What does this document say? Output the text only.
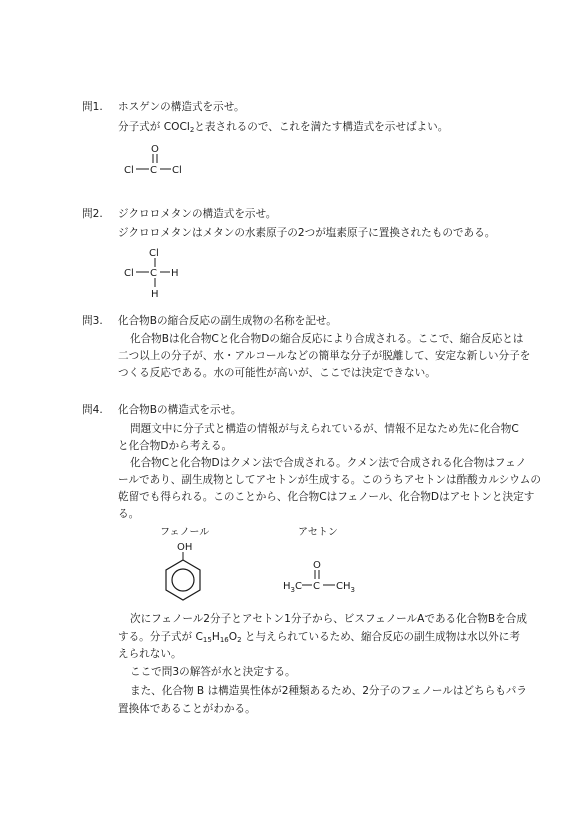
問1. ホスゲンの構造式を示せ。
分子式が COCl$_2$と表されるので、これを満たす構造式を示せばよい。
O
Cl C Cl
問2. ジクロロメタンの構造式を示せ。
ジクロロメタンはメタンの水素原子の2つが塩素原子に置換されたものである。
Cl
Cl C H
H
問3. 化合物Bの縮合反応の副生成物の名称を記せ。
化合物Bは化合物Cと化合物Dの縮合反応により合成される。ここで、縮合反応とは
二つ以上の分子が、水・アルコールなどの簡単な分子が脱離して、安定な新しい分子を
つくる反応である。水の可能性が高いが、ここでは決定できない。
問4. 化合物Bの構造式を示せ。
問題文中に分子式と構造の情報が与えられているが、情報不足なため先に化合物C
と化合物Dから考える。
化合物Cと化合物Dはクメン法で合成される。クメン法で合成される化合物はフェノ
ールであり、副生成物としてアセトンが生成する。このうちアセトンは酢酸カルシウムの
乾留でも得られる。このことから、化合物Cはフェノール、化合物Dはアセトンと決定す
る。
フェノール	アセトン
OH
O
$H_3C$ C $CH_3$
次にフェノール2分子とアセトン1分子から、ビスフェノールAである化合物Bを合成
する。分子式が $C_{15}H_{16}O_2$ と与えられているため、縮合反応の副生成物は水以外に考
えられない。
ここで問3の解答が水と決定する。
また、化合物 B は構造異性体が2種類あるため、2分子のフェノールはどちらもパラ
置換体であることがわかる。
